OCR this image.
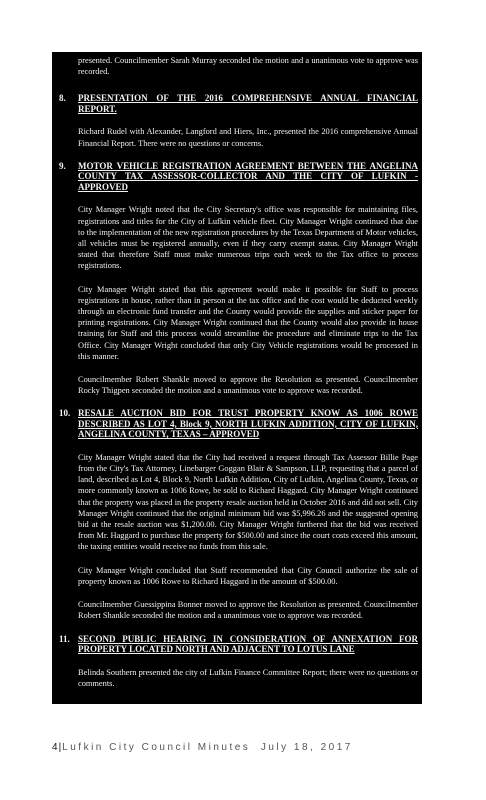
presented. Councilmember Sarah Murray seconded the motion and a unanimous vote to approve was recorded.

8. PRESENTATION OF THE 2016 COMPREHENSIVE ANNUAL FINANCIAL REPORT.

Richard Rudel with Alexander, Langford and Hiers, Inc., presented the 2016 comprehensive Annual Financial Report. There were no questions or concerns.

9. MOTOR VEHICLE REGISTRATION AGREEMENT BETWEEN THE ANGELINA COUNTY TAX ASSESSOR-COLLECTOR AND THE CITY OF LUFKIN - APPROVED

City Manager Wright noted that the City Secretary's office was responsible for maintaining files, registrations and titles for the City of Lufkin vehicle fleet. City Manager Wright continued that due to the implementation of the new registration procedures by the Texas Department of Motor vehicles, all vehicles must be registered annually, even if they carry exempt status. City Manager Wright stated that therefore Staff must make numerous trips each week to the Tax office to process registrations.

City Manager Wright stated that this agreement would make it possible for Staff to process registrations in house, rather than in person at the tax office and the cost would be deducted weekly through an electronic fund transfer and the County would provide the supplies and sticker paper for printing registrations. City Manager Wright continued that the County would also provide in house training for Staff and this process would streamline the procedure and eliminate trips to the Tax Office. City Manager Wright concluded that only City Vehicle registrations would be processed in this manner.

Councilmember Robert Shankle moved to approve the Resolution as presented. Councilmember Rocky Thigpen seconded the motion and a unanimous vote to approve was recorded.

10. RESALE AUCTION BID FOR TRUST PROPERTY KNOW AS 1006 ROWE DESCRIBED AS LOT 4, Block 9, NORTH LUFKIN ADDITION, CITY OF LUFKIN, ANGELINA COUNTY, TEXAS – APPROVED

City Manager Wright stated that the City had received a request through Tax Assessor Billie Page from the City's Tax Attorney, Linebarger Goggan Blair & Sampson, LLP, requesting that a parcel of land, described as Lot 4, Block 9, North Lufkin Addition, City of Lufkin, Angelina County, Texas, or more commonly known as 1006 Rowe, be sold to Richard Haggard. City Manager Wright continued that the property was placed in the property resale auction held in October 2016 and did not sell. City Manager Wright continued that the original minimum bid was $5,996.26 and the suggested opening bid at the resale auction was $1,200.00. City Manager Wright furthered that the bid was received from Mr. Haggard to purchase the property for $500.00 and since the court costs exceed this amount, the taxing entities would receive no funds from this sale.

City Manager Wright concluded that Staff recommended that City Council authorize the sale of property known as 1006 Rowe to Richard Haggard in the amount of $500.00.

Councilmember Guessippina Bonner moved to approve the Resolution as presented. Councilmember Robert Shankle seconded the motion and a unanimous vote to approve was recorded.

11. SECOND PUBLIC HEARING IN CONSIDERATION OF ANNEXATION FOR PROPERTY LOCATED NORTH AND ADJACENT TO LOTUS LANE

Belinda Southern presented the city of Lufkin Finance Committee Report; there were no questions or comments.

4|Lufkin City Council Minutes July 18, 2017
